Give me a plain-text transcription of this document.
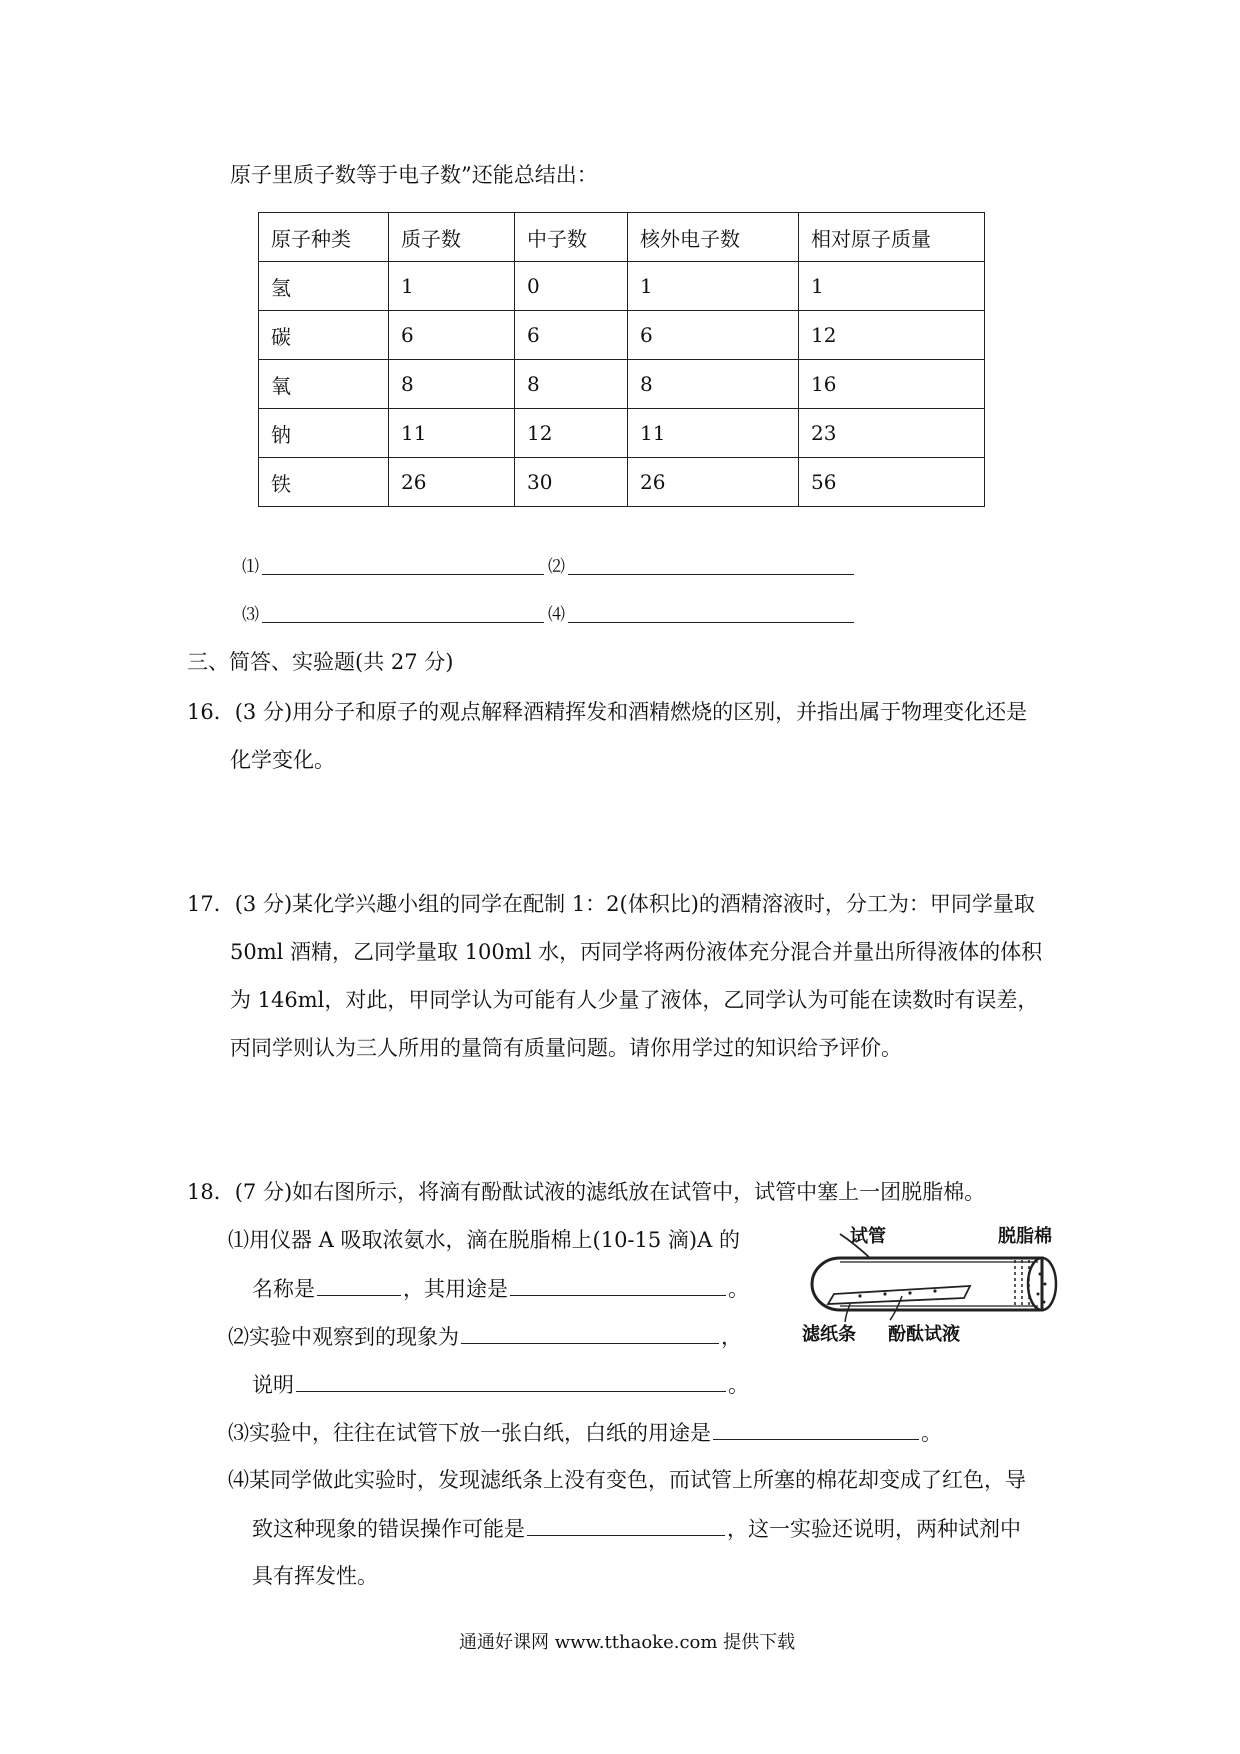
原子里质子数等于电子数”还能总结出：
原子种类	质子数	中子数	核外电子数	相对原子质量
氢	1	0	1	1
碳	6	6	6	12
氧	8	8	8	16
钠	11	12	11	23
铁	26	30	26	56
⑴	⑵
⑶	⑷
三、简答、实验题(共 27 分)
16．(3 分)用分子和原子的观点解释酒精挥发和酒精燃烧的区别，并指出属于物理变化还是
化学变化。
17．(3 分)某化学兴趣小组的同学在配制 1：2(体积比)的酒精溶液时，分工为：甲同学量取
50ml 酒精，乙同学量取 100ml 水，丙同学将两份液体充分混合并量出所得液体的体积
为 146ml，对此，甲同学认为可能有人少量了液体，乙同学认为可能在读数时有误差，
丙同学则认为三人所用的量筒有质量问题。请你用学过的知识给予评价。
18．(7 分)如右图所示，将滴有酚酞试液的滤纸放在试管中，试管中塞上一团脱脂棉。
⑴用仪器 A 吸取浓氨水，滴在脱脂棉上(10-15 滴)A 的
名称是	，其用途是	。
⑵实验中观察到的现象为	，
说明	。
⑶实验中，往往在试管下放一张白纸，白纸的用途是	。
⑷某同学做此实验时，发现滤纸条上没有变色，而试管上所塞的棉花却变成了红色，导
致这种现象的错误操作可能是	，这一实验还说明，两种试剂中
具有挥发性。
试管	脱脂棉
滤纸条 酚酞试液
通通好课网 www.tthaoke.com 提供下载
